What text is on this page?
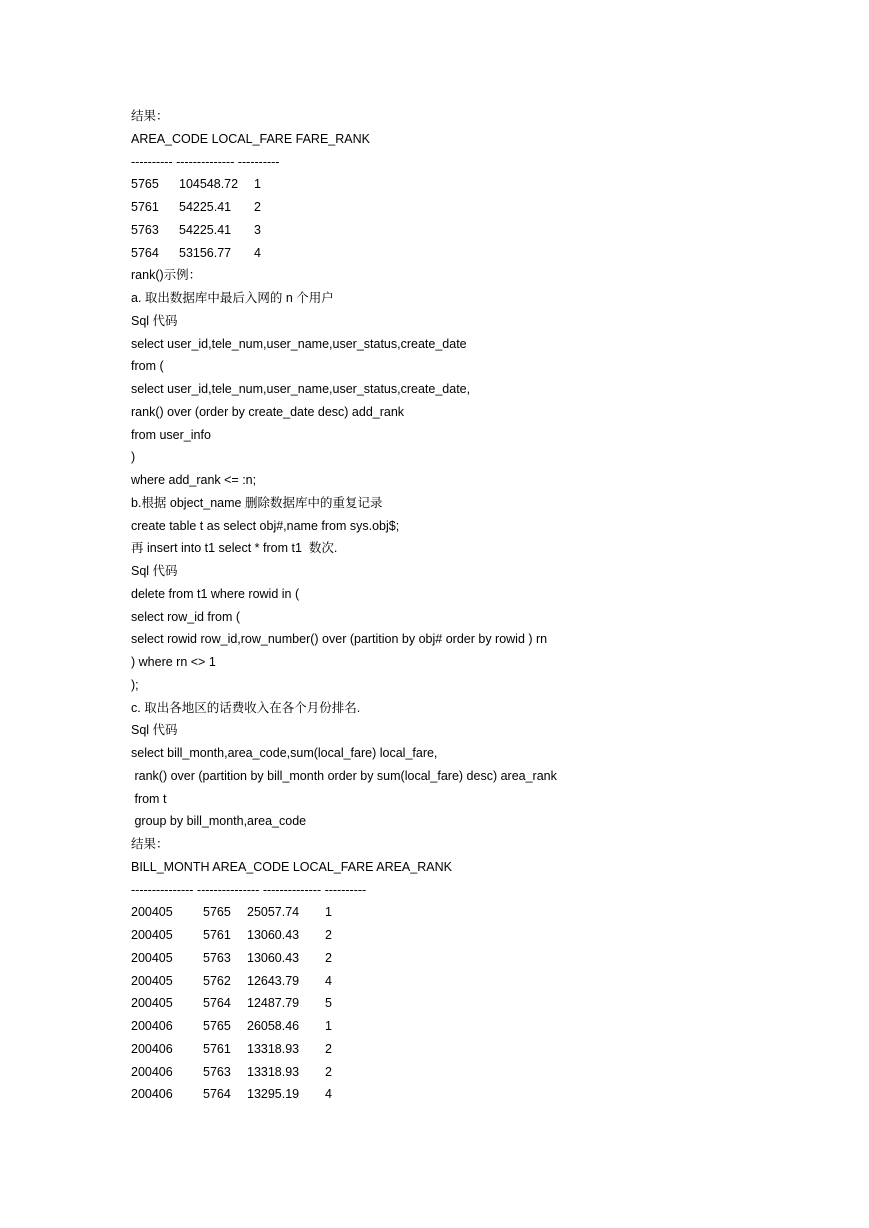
结果：
AREA_CODE LOCAL_FARE FARE_RANK
---------- -------------- ----------
5765 104548.72 1
5761 54225.41 2
5763 54225.41 3
5764 53156.77 4
rank()示例：
a. 取出数据库中最后入网的 n 个用户
Sql 代码
select user_id,tele_num,user_name,user_status,create_date
from (
select user_id,tele_num,user_name,user_status,create_date,
rank() over (order by create_date desc) add_rank
from user_info
)
where add_rank <= :n;
b.根据 object_name 删除数据库中的重复记录
create table t as select obj#,name from sys.obj$;
再 insert into t1 select * from t1  数次.
Sql 代码
delete from t1 where rowid in (
select row_id from (
select rowid row_id,row_number() over (partition by obj# order by rowid ) rn
) where rn <> 1
);
c. 取出各地区的话费收入在各个月份排名.
Sql 代码
select bill_month,area_code,sum(local_fare) local_fare,
rank() over (partition by bill_month order by sum(local_fare) desc) area_rank
from t
group by bill_month,area_code
结果：
BILL_MONTH AREA_CODE LOCAL_FARE AREA_RANK
--------------- --------------- -------------- ----------
200405 5765 25057.74 1
200405 5761 13060.43 2
200405 5763 13060.43 2
200405 5762 12643.79 4
200405 5764 12487.79 5
200406 5765 26058.46 1
200406 5761 13318.93 2
200406 5763 13318.93 2
200406 5764 13295.19 4
